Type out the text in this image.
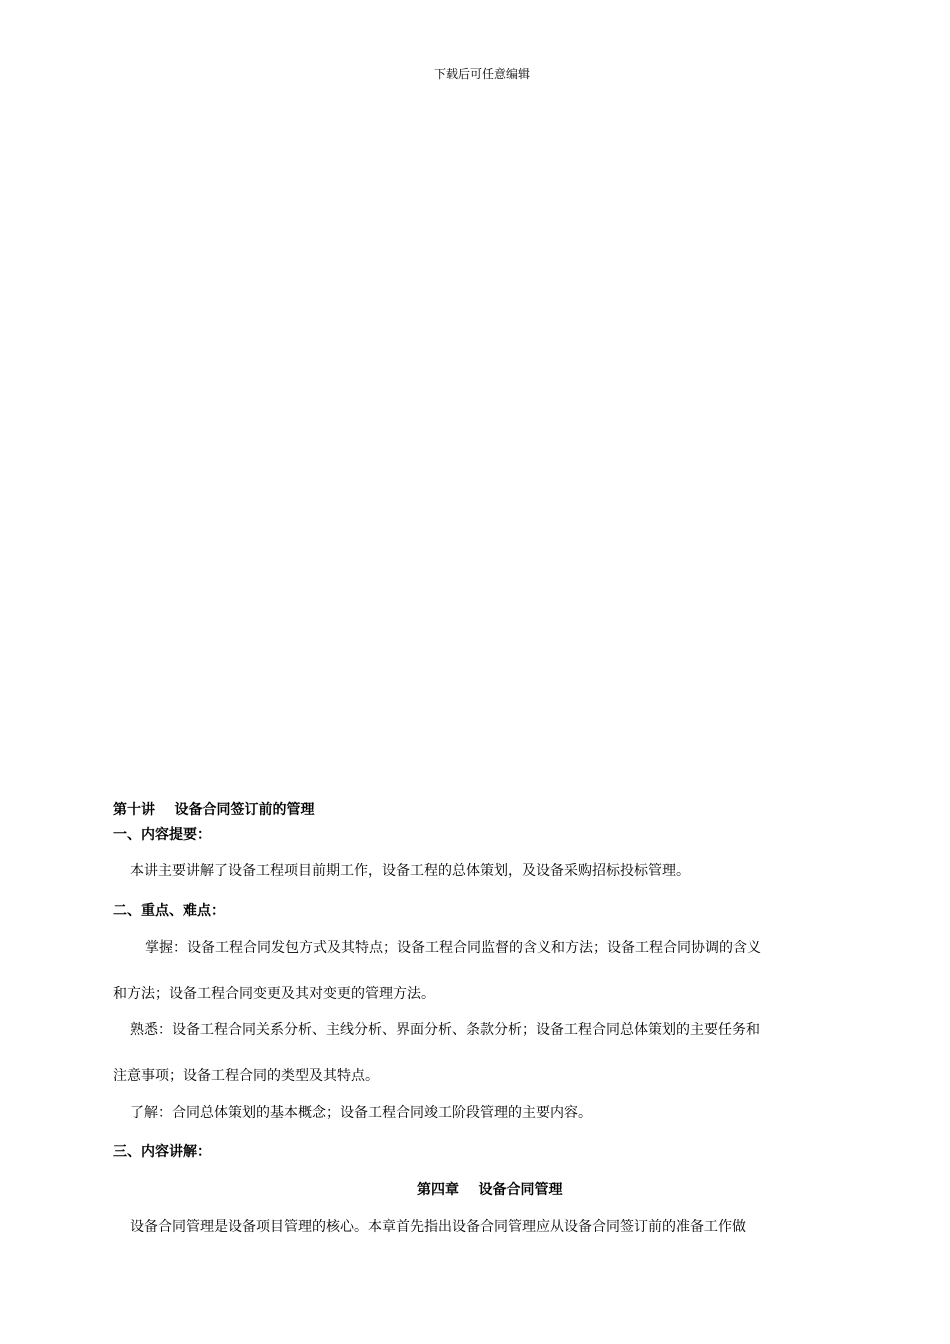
下载后可任意编辑
第十讲    设备合同签订前的管理
一、内容提要：
本讲主要讲解了设备工程项目前期工作，设备工程的总体策划，及设备采购招标投标管理。
二、重点、难点：
掌握：设备工程合同发包方式及其特点；设备工程合同监督的含义和方法；设备工程合同协调的含义
和方法；设备工程合同变更及其对变更的管理方法。
熟悉：设备工程合同关系分析、主线分析、界面分析、条款分析；设备工程合同总体策划的主要任务和
注意事项；设备工程合同的类型及其特点。
了解：合同总体策划的基本概念；设备工程合同竣工阶段管理的主要内容。
三、内容讲解：
第四章    设备合同管理
设备合同管理是设备项目管理的核心。本章首先指出设备合同管理应从设备合同签订前的准备工作做
